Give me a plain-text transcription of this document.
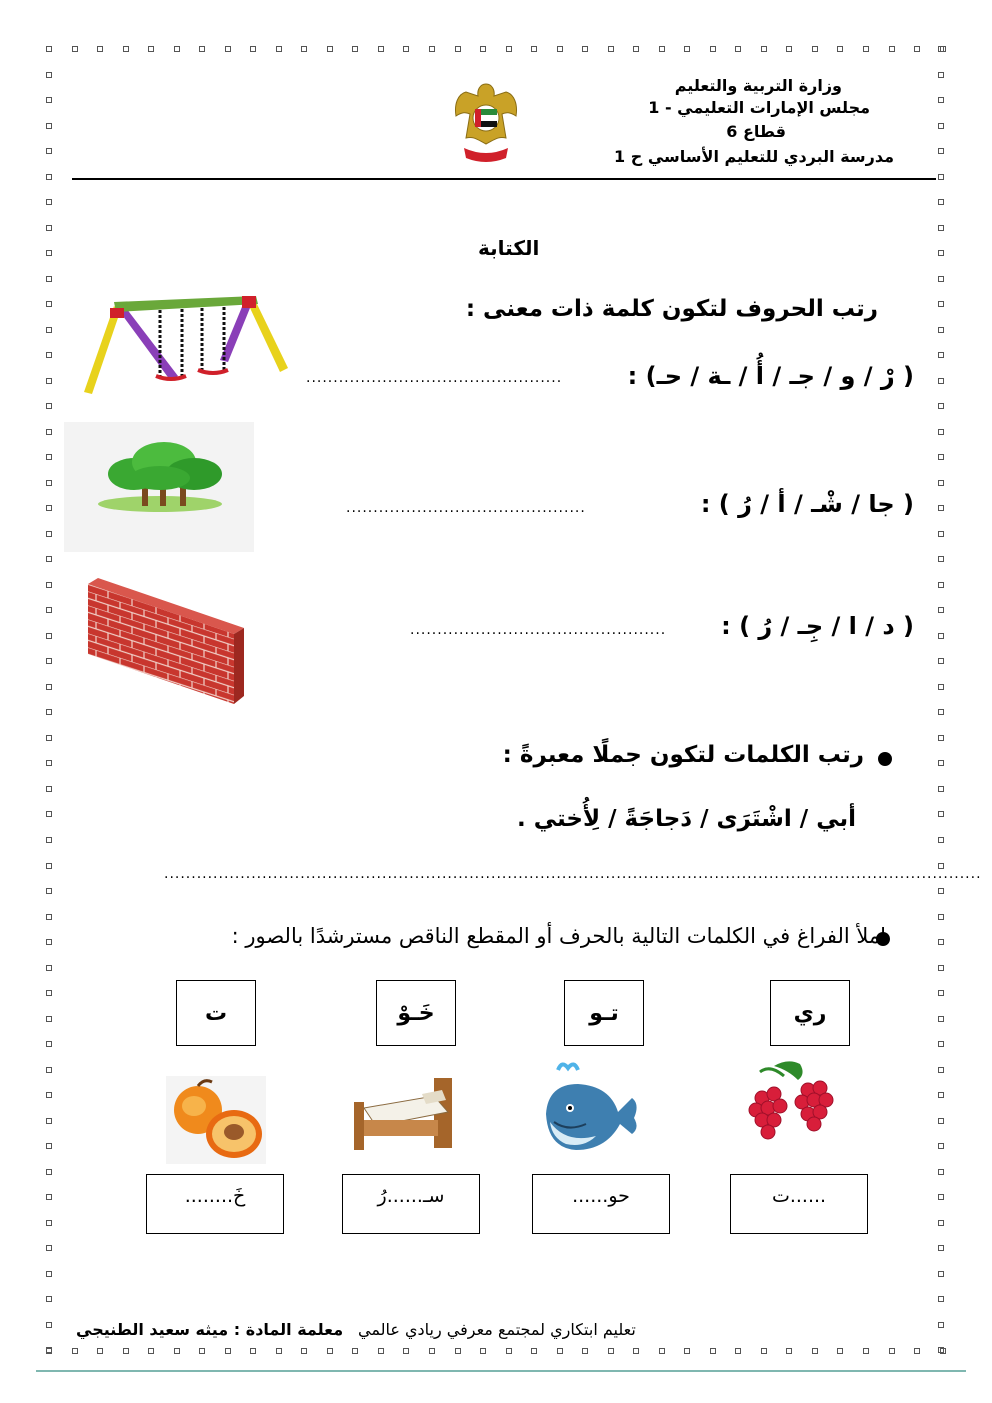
وزارة التربية والتعليم
مجلس الإمارات التعليمي - 1
قطاع 6
مدرسة البردي للتعليم الأساسي ح 1
الكتابة
رتب الحروف لتكون كلمة ذات معنى :
( رْ / و / جـ / أُ / ـة / حـ) :
...............................................
( جا / شْـ / أ / رُ ) :
............................................
( د / ا / جِـ / رُ ) :
...............................................
رتب الكلمات لتكون جملًا معبرةً :
أبي / اشْتَرَى / دَجاجَةً / لِأُختي .
......................................................................................................................................................
املأ الفراغ في الكلمات التالية بالحرف أو المقطع الناقص مسترشدًا بالصور :
ت	خَـوْ	تـو	ري
خَ........	سـ......رُ	حو......	......ت
معلمة المادة : ميثه سعيد الطنيجي تعليم ابتكاري لمجتمع معرفي ريادي عالمي
